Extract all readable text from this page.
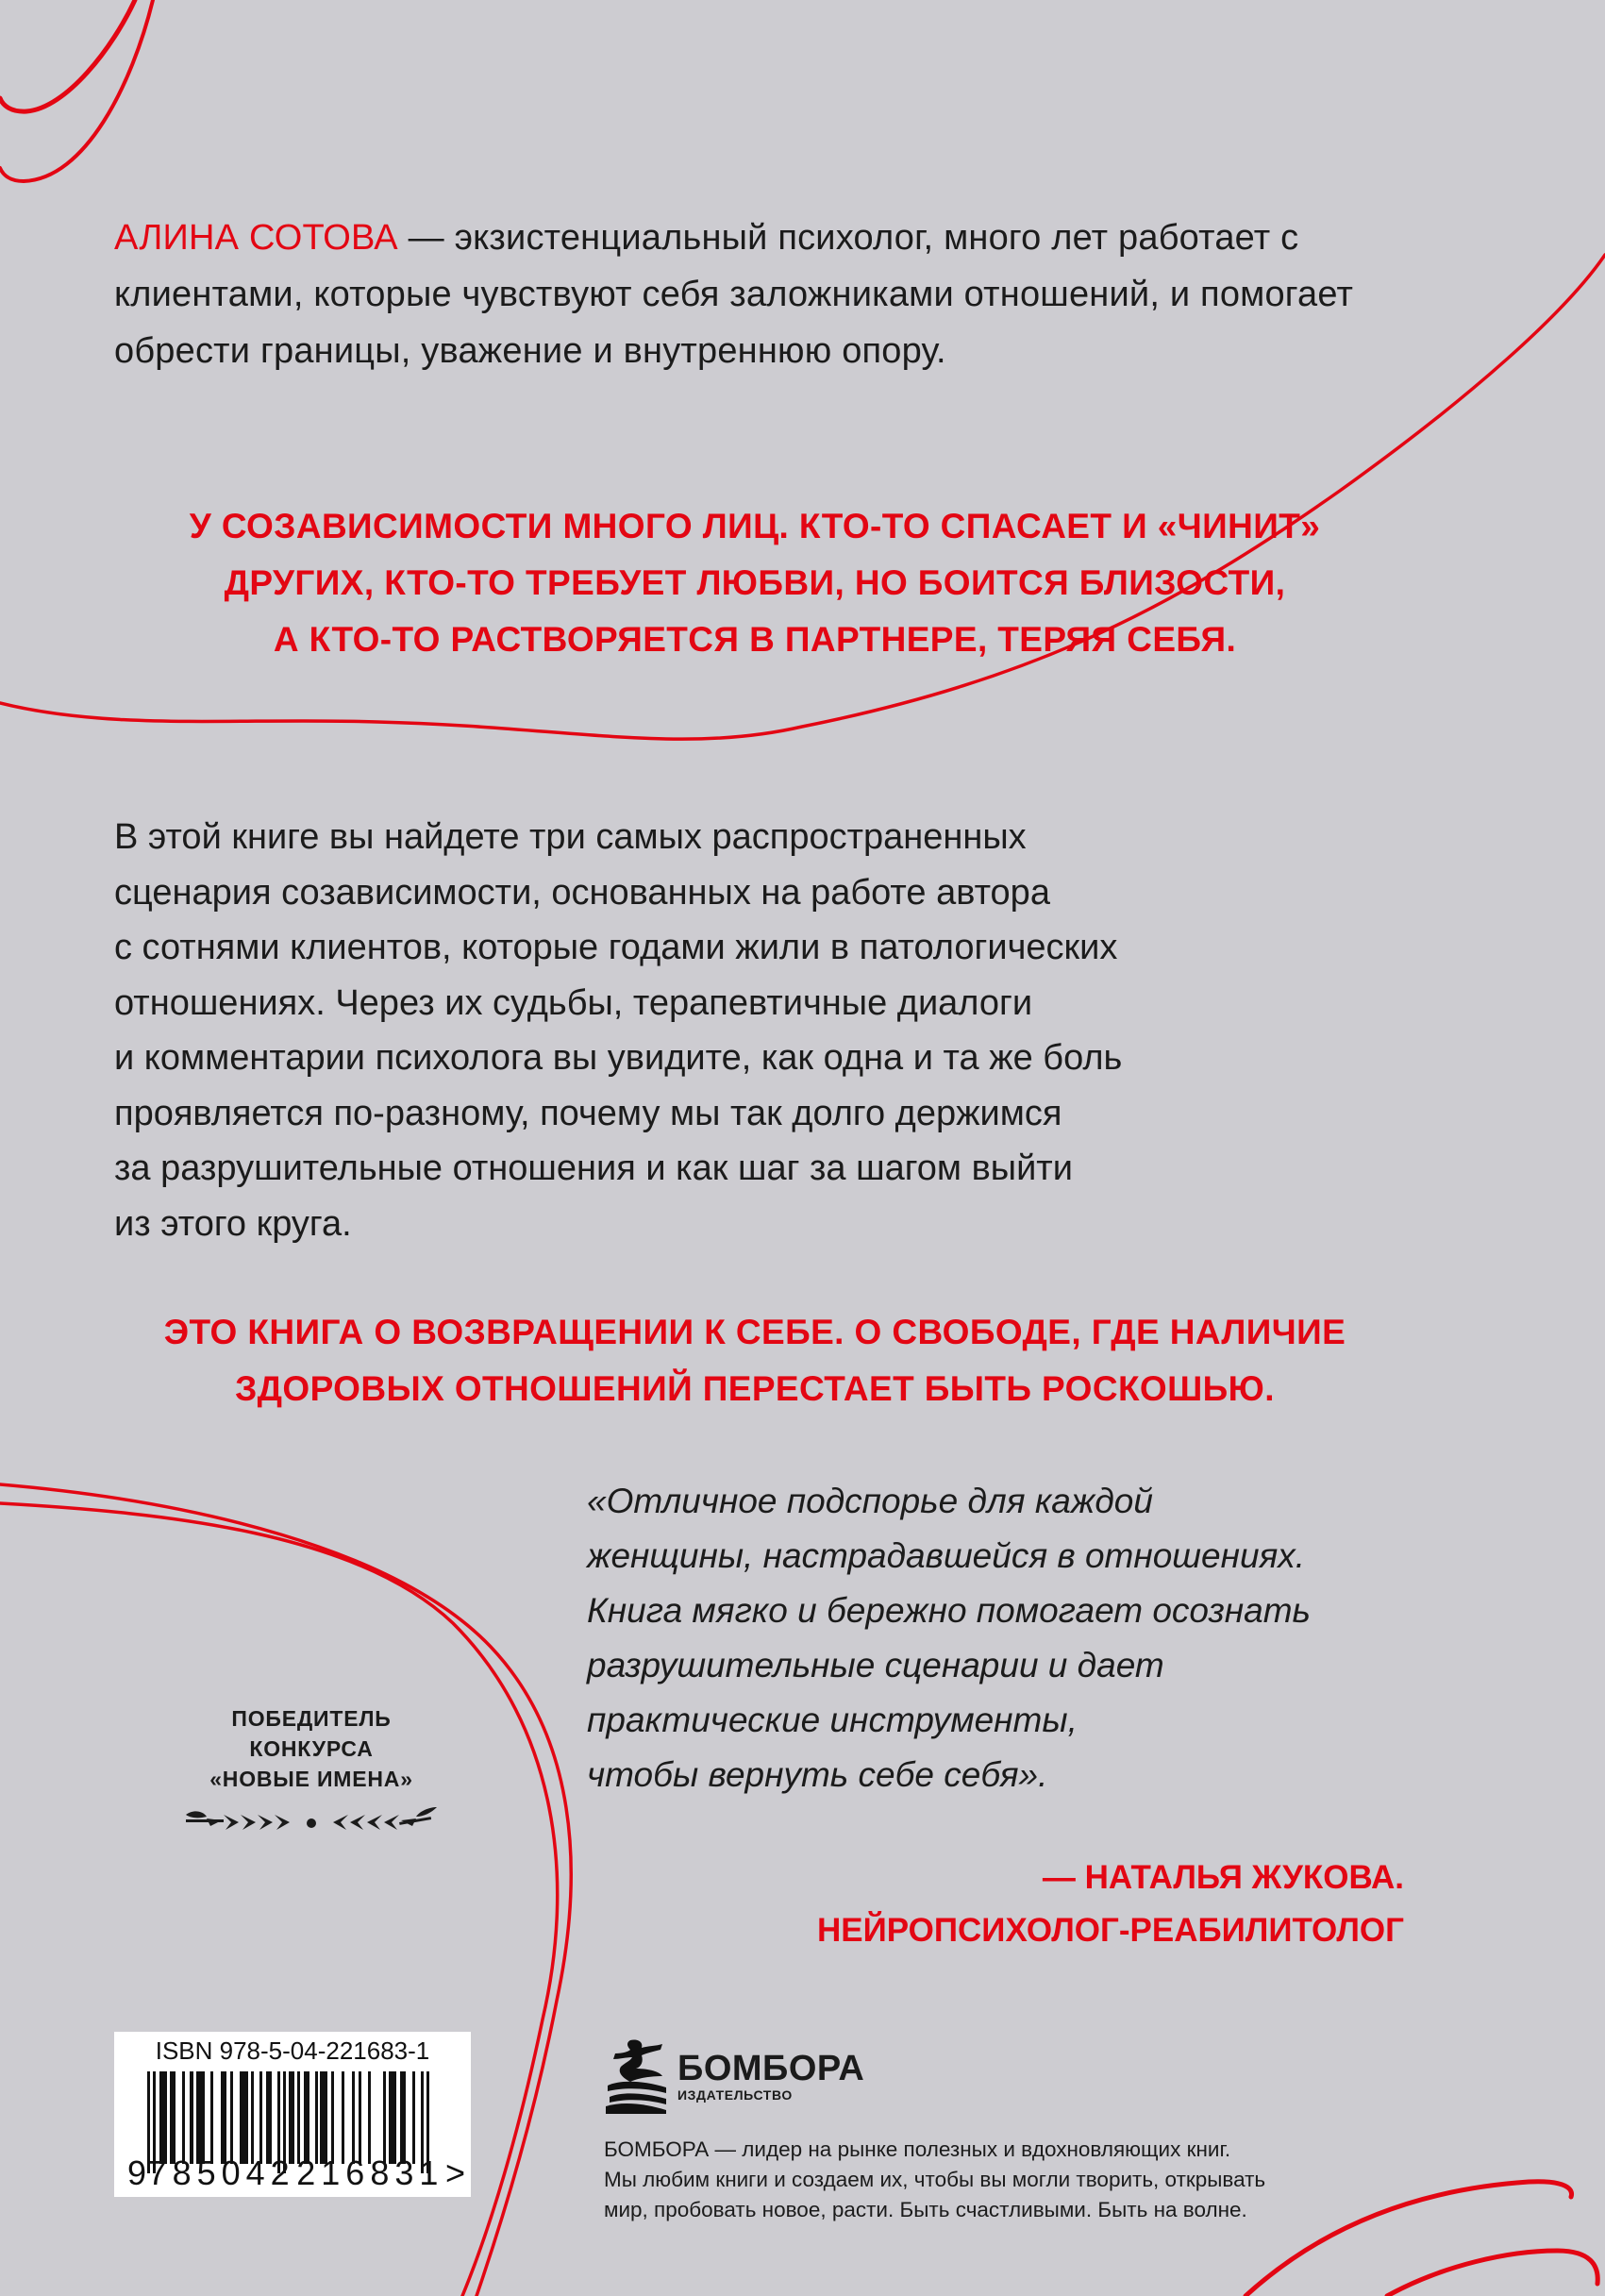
АЛИНА СОТОВА — экзистенциальный психолог, много лет работает с клиентами, которые чувствуют себя заложниками отношений, и помогает обрести границы, уважение и внутреннюю опору.
У СОЗАВИСИМОСТИ МНОГО ЛИЦ. КТО-ТО СПАСАЕТ И «ЧИНИТ»
ДРУГИХ, КТО-ТО ТРЕБУЕТ ЛЮБВИ, НО БОИТСЯ БЛИЗОСТИ,
А КТО-ТО РАСТВОРЯЕТСЯ В ПАРТНЕРЕ, ТЕРЯЯ СЕБЯ.
В этой книге вы найдете три самых распространенных
сценария созависимости, основанных на работе автора
с сотнями клиентов, которые годами жили в патологических
отношениях. Через их судьбы, терапевтичные диалоги
и комментарии психолога вы увидите, как одна и та же боль
проявляется по-разному, почему мы так долго держимся
за разрушительные отношения и как шаг за шагом выйти
из этого круга.
ЭТО КНИГА О ВОЗВРАЩЕНИИ К СЕБЕ. О СВОБОДЕ, ГДЕ НАЛИЧИЕ
ЗДОРОВЫХ ОТНОШЕНИЙ ПЕРЕСТАЕТ БЫТЬ РОСКОШЬЮ.
«Отличное подспорье для каждой
женщины, настрадавшейся в отношениях.
Книга мягко и бережно помогает осознать
разрушительные сценарии и дает
практические инструменты,
чтобы вернуть себе себя».
— НАТАЛЬЯ ЖУКОВА.
НЕЙРОПСИХОЛОГ-РЕАБИЛИТОЛОГ
ПОБЕДИТЕЛЬ
КОНКУРСА
«НОВЫЕ ИМЕНА»
ISBN 978-5-04-221683-1
9 785042 216831 >
БОМБОРА
ИЗДАТЕЛЬСТВО
БОМБОРА — лидер на рынке полезных и вдохновляющих книг.
Мы любим книги и создаем их, чтобы вы могли творить, открывать
мир, пробовать новое, расти. Быть счастливыми. Быть на волне.
